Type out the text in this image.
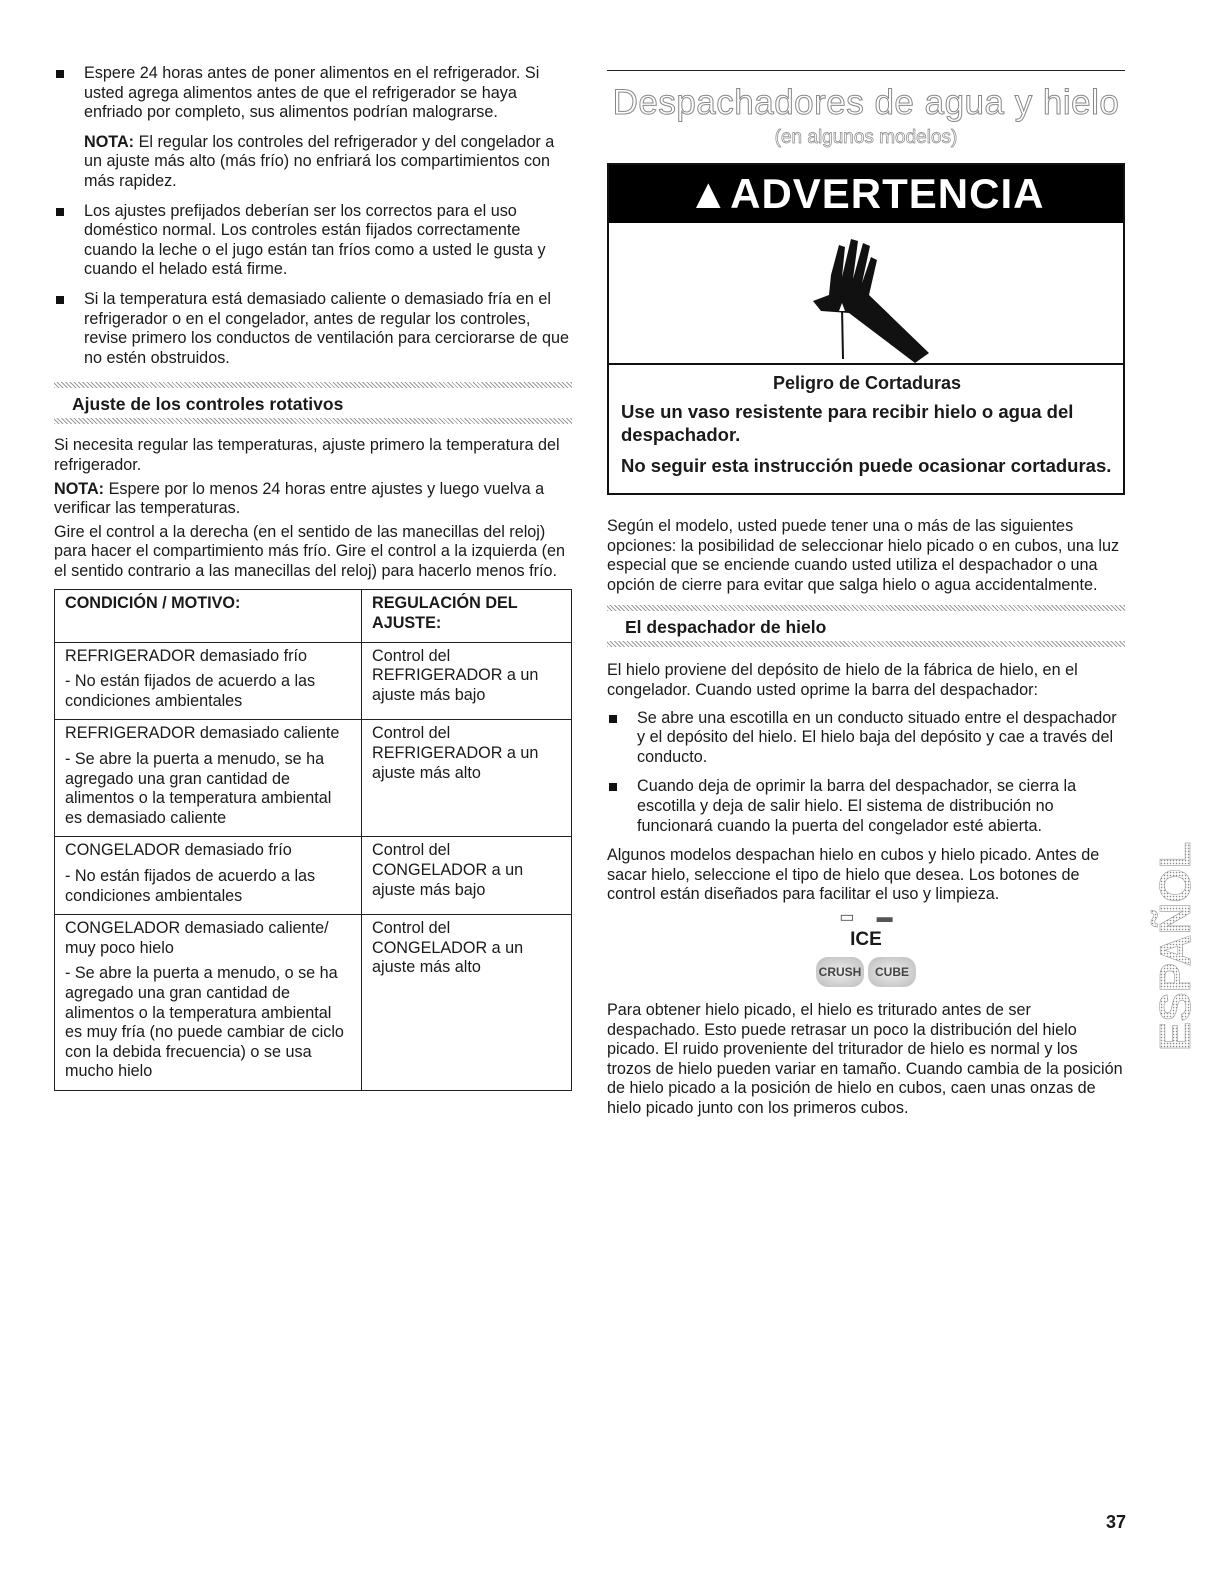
Espere 24 horas antes de poner alimentos en el refrigerador. Si usted agrega alimentos antes de que el refrigerador se haya enfriado por completo, sus alimentos podrían malograrse.

NOTA: El regular los controles del refrigerador y del congelador a un ajuste más alto (más frío) no enfriará los compartimientos con más rapidez.

Los ajustes prefijados deberían ser los correctos para el uso doméstico normal. Los controles están fijados correctamente cuando la leche o el jugo están tan fríos como a usted le gusta y cuando el helado está firme.

Si la temperatura está demasiado caliente o demasiado fría en el refrigerador o en el congelador, antes de regular los controles, revise primero los conductos de ventilación para cerciorarse de que no estén obstruidos.

Ajuste de los controles rotativos

Si necesita regular las temperaturas, ajuste primero la temperatura del refrigerador.

NOTA: Espere por lo menos 24 horas entre ajustes y luego vuelva a verificar las temperaturas.

Gire el control a la derecha (en el sentido de las manecillas del reloj) para hacer el compartimiento más frío. Gire el control a la izquierda (en el sentido contrario a las manecillas del reloj) para hacerlo menos frío.

CONDICIÓN / MOTIVO:	REGULACIÓN DEL AJUSTE:

REFRIGERADOR demasiado frío

- No están fijados de acuerdo a las condiciones ambientales	Control del REFRIGERADOR a un ajuste más bajo

REFRIGERADOR demasiado caliente

- Se abre la puerta a menudo, se ha agregado una gran cantidad de alimentos o la temperatura ambiental es demasiado caliente	Control del REFRIGERADOR a un ajuste más alto

CONGELADOR demasiado frío

- No están fijados de acuerdo a las condiciones ambientales	Control del CONGELADOR a un ajuste más bajo

CONGELADOR demasiado caliente/ muy poco hielo

- Se abre la puerta a menudo, o se ha agregado una gran cantidad de alimentos o la temperatura ambiental es muy fría (no puede cambiar de ciclo con la debida frecuencia) o se usa mucho hielo	Control del CONGELADOR a un ajuste más alto
Despachadores de agua y hielo
(en algunos modelos)
▲ADVERTENCIA
Peligro de Cortaduras
Use un vaso resistente para recibir hielo o agua del despachador.
No seguir esta instrucción puede ocasionar cortaduras.

Según el modelo, usted puede tener una o más de las siguientes opciones: la posibilidad de seleccionar hielo picado o en cubos, una luz especial que se enciende cuando usted utiliza el despachador o una opción de cierre para evitar que salga hielo o agua accidentalmente.

El despachador de hielo

El hielo proviene del depósito de hielo de la fábrica de hielo, en el congelador. Cuando usted oprime la barra del despachador:

Se abre una escotilla en un conducto situado entre el despachador y el depósito del hielo. El hielo baja del depósito y cae a través del conducto.

Cuando deja de oprimir la barra del despachador, se cierra la escotilla y deja de salir hielo. El sistema de distribución no funcionará cuando la puerta del congelador esté abierta.

Algunos modelos despachan hielo en cubos y hielo picado. Antes de sacar hielo, seleccione el tipo de hielo que desea. Los botones de control están diseñados para facilitar el uso y limpieza.

▭     ▬
ICE
CRUSH CUBE

Para obtener hielo picado, el hielo es triturado antes de ser despachado. Esto puede retrasar un poco la distribución del hielo picado. El ruido proveniente del triturador de hielo es normal y los trozos de hielo pueden variar en tamaño. Cuando cambia de la posición de hielo picado a la posición de hielo en cubos, caen unas onzas de hielo picado junto con los primeros cubos.

ESPAÑOL
37
